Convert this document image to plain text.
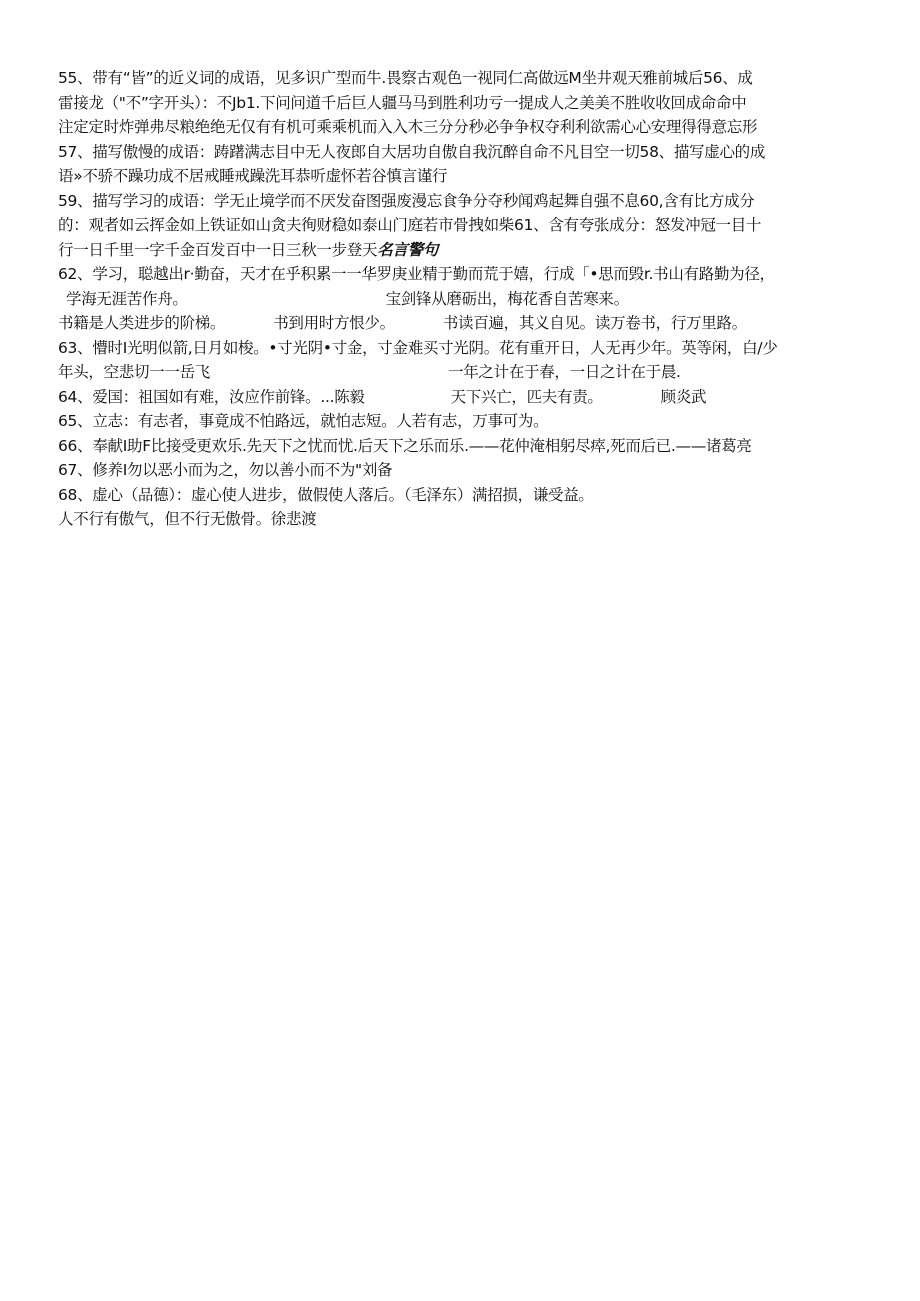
55、带有“皆”的近义词的成语，见多识广型而牛.畏察古观色一视同仁高做远M坐井观天雅前城后56、成
雷接龙（"不”字开头）：不Jb1.下问问道千后巨人疆马马到胜利功亏一提成人之美美不胜收收回成命命中
注定定时炸弹弗尽粮绝绝无仅有有机可乘乘机而入入木三分分秒必争争权夺利利欲需心心安理得得意忘形
57、描写傲慢的成语：踌躇满志目中无人夜郎自大居功自傲自我沉醉自命不凡目空一切58、描写虚心的成
语»不骄不躁功成不居戒睡戒躁洗耳恭听虚怀若谷慎言谨行
59、描写学习的成语：学无止境学而不厌发奋图强废漫忘食争分夺秒闻鸡起舞自强不息60,含有比方成分
的：观者如云挥金如上铁证如山贪夫徇财稳如泰山门庭若市骨拽如柴61、含有夸张成分：怒发冲冠一目十
行一日千里一字千金百发百中一日三秋一步登天名言警句
62、学习，聪越出r·勤奋，天才在乎积累一一华罗庚业精于勤而荒于嬉，行成「•思而毁r.书山有路勤为径，
学海无涯苦作舟。	宝剑锋从磨砺出，梅花香自苦寒来。
书籍是人类进步的阶梯。	书到用时方恨少。	书读百遍，其义自见。读万卷书，行万里路。
63、懵时I光明似箭,日月如梭。•寸光阴•寸金，寸金难买寸光阴。花有重开日，人无再少年。英等闲，白/少
年头，空悲切一一岳飞	一年之计在于春，一日之计在于晨.
64、爱国：祖国如有难，汝应作前锋。...陈毅	天下兴亡，匹夫有责。	顾炎武
65、立志：有志者，事竟成不怕路远，就怕志短。人若有志，万事可为。
66、奉献I助F比接受更欢乐.先天下之忧而忧.后天下之乐而乐.——花仲淹相躬尽瘁,死而后已.——诸葛亮
67、修养I勿以恶小而为之，勿以善小而不为"刘备
68、虚心（品德）：虚心使人进步，做假使人落后。（毛泽东）满招损，谦受益。
人不行有傲气，但不行无傲骨。徐悲渡
